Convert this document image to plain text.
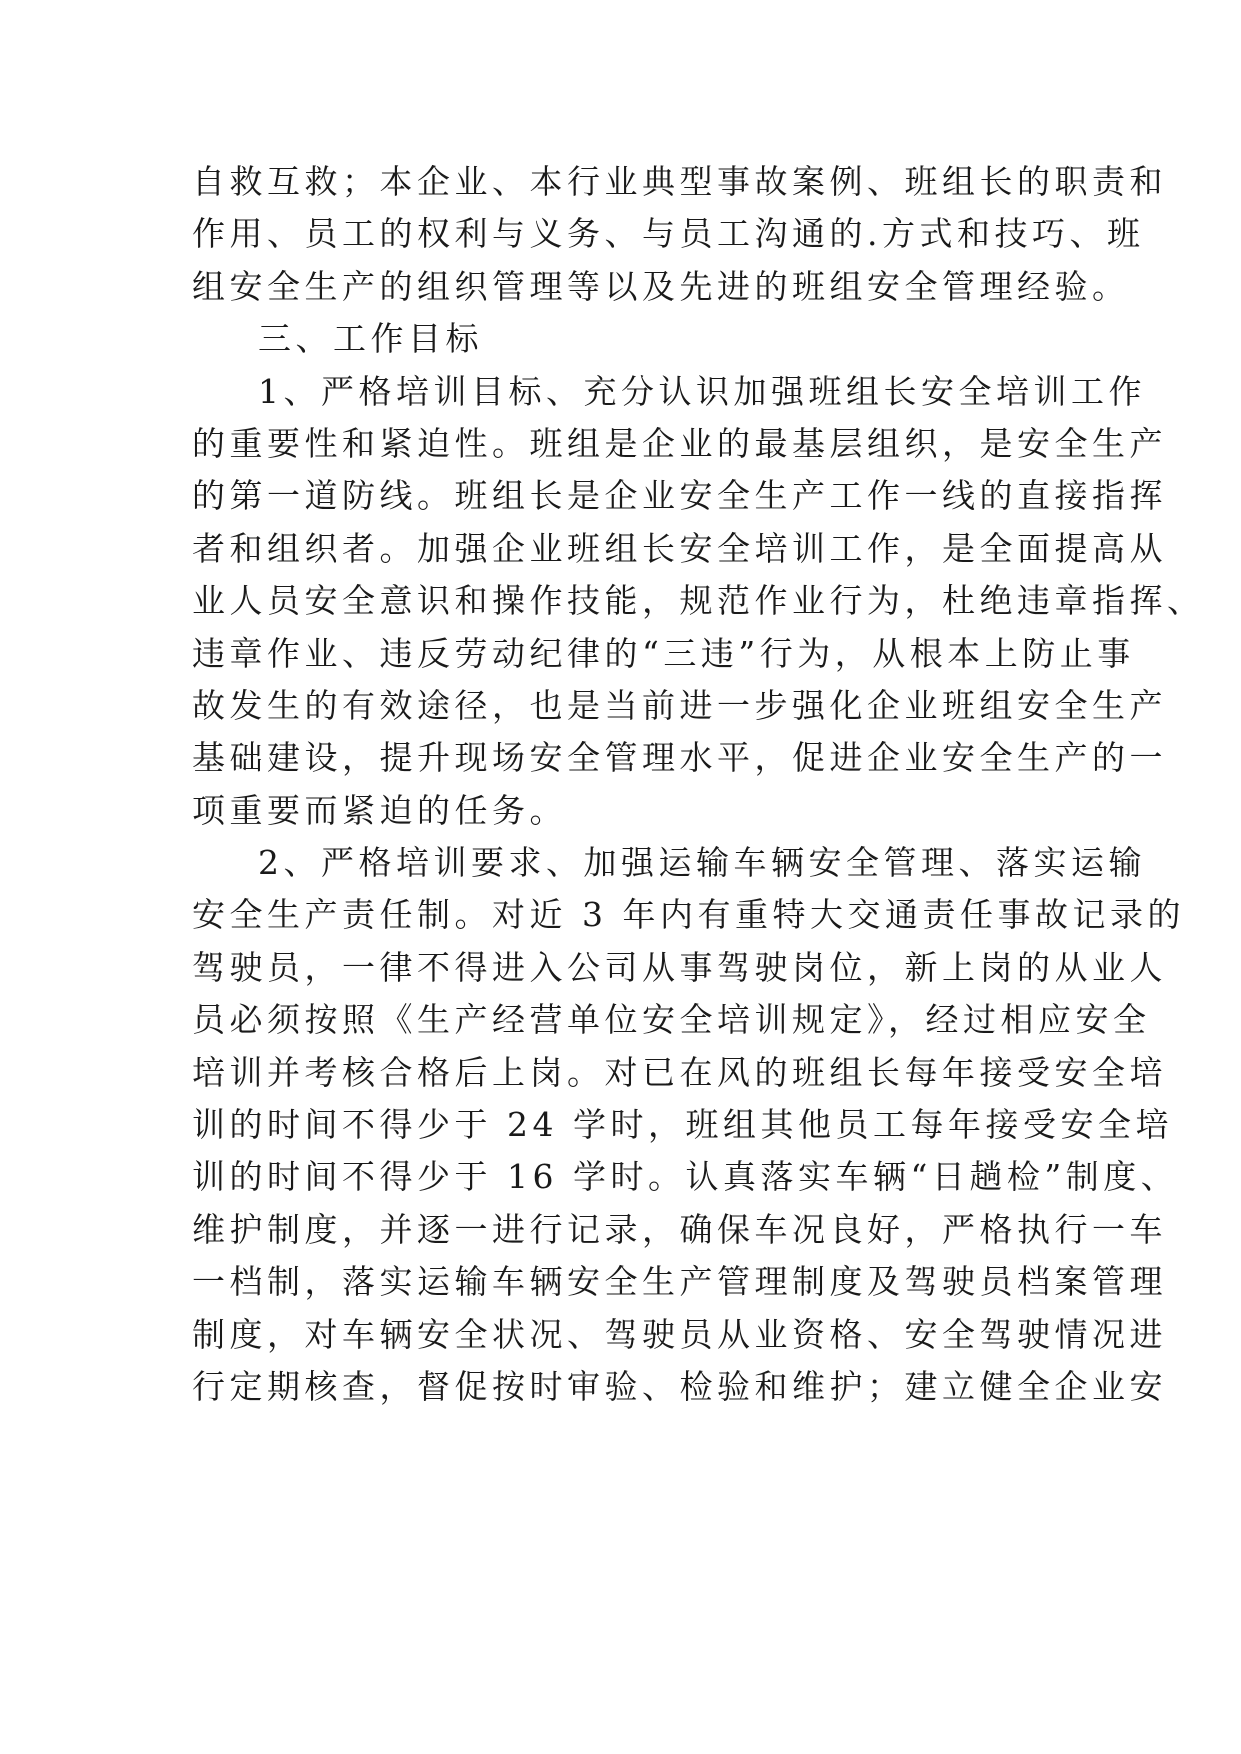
自救互救；本企业、本行业典型事故案例、班组长的职责和
作用、员工的权利与义务、与员工沟通的.方式和技巧、班
组安全生产的组织管理等以及先进的班组安全管理经验。
三、工作目标
1、严格培训目标、充分认识加强班组长安全培训工作
的重要性和紧迫性。班组是企业的最基层组织，是安全生产
的第一道防线。班组长是企业安全生产工作一线的直接指挥
者和组织者。加强企业班组长安全培训工作，是全面提高从
业人员安全意识和操作技能，规范作业行为，杜绝违章指挥、
违章作业、违反劳动纪律的“三违”行为，从根本上防止事
故发生的有效途径，也是当前进一步强化企业班组安全生产
基础建设，提升现场安全管理水平，促进企业安全生产的一
项重要而紧迫的任务。
2、严格培训要求、加强运输车辆安全管理、落实运输
安全生产责任制。对近 3 年内有重特大交通责任事故记录的
驾驶员，一律不得进入公司从事驾驶岗位，新上岗的从业人
员必须按照《生产经营单位安全培训规定》，经过相应安全
培训并考核合格后上岗。对已在风的班组长每年接受安全培
训的时间不得少于 24 学时，班组其他员工每年接受安全培
训的时间不得少于 16 学时。认真落实车辆“日趟检”制度、
维护制度，并逐一进行记录，确保车况良好，严格执行一车
一档制，落实运输车辆安全生产管理制度及驾驶员档案管理
制度，对车辆安全状况、驾驶员从业资格、安全驾驶情况进
行定期核查，督促按时审验、检验和维护；建立健全企业安
